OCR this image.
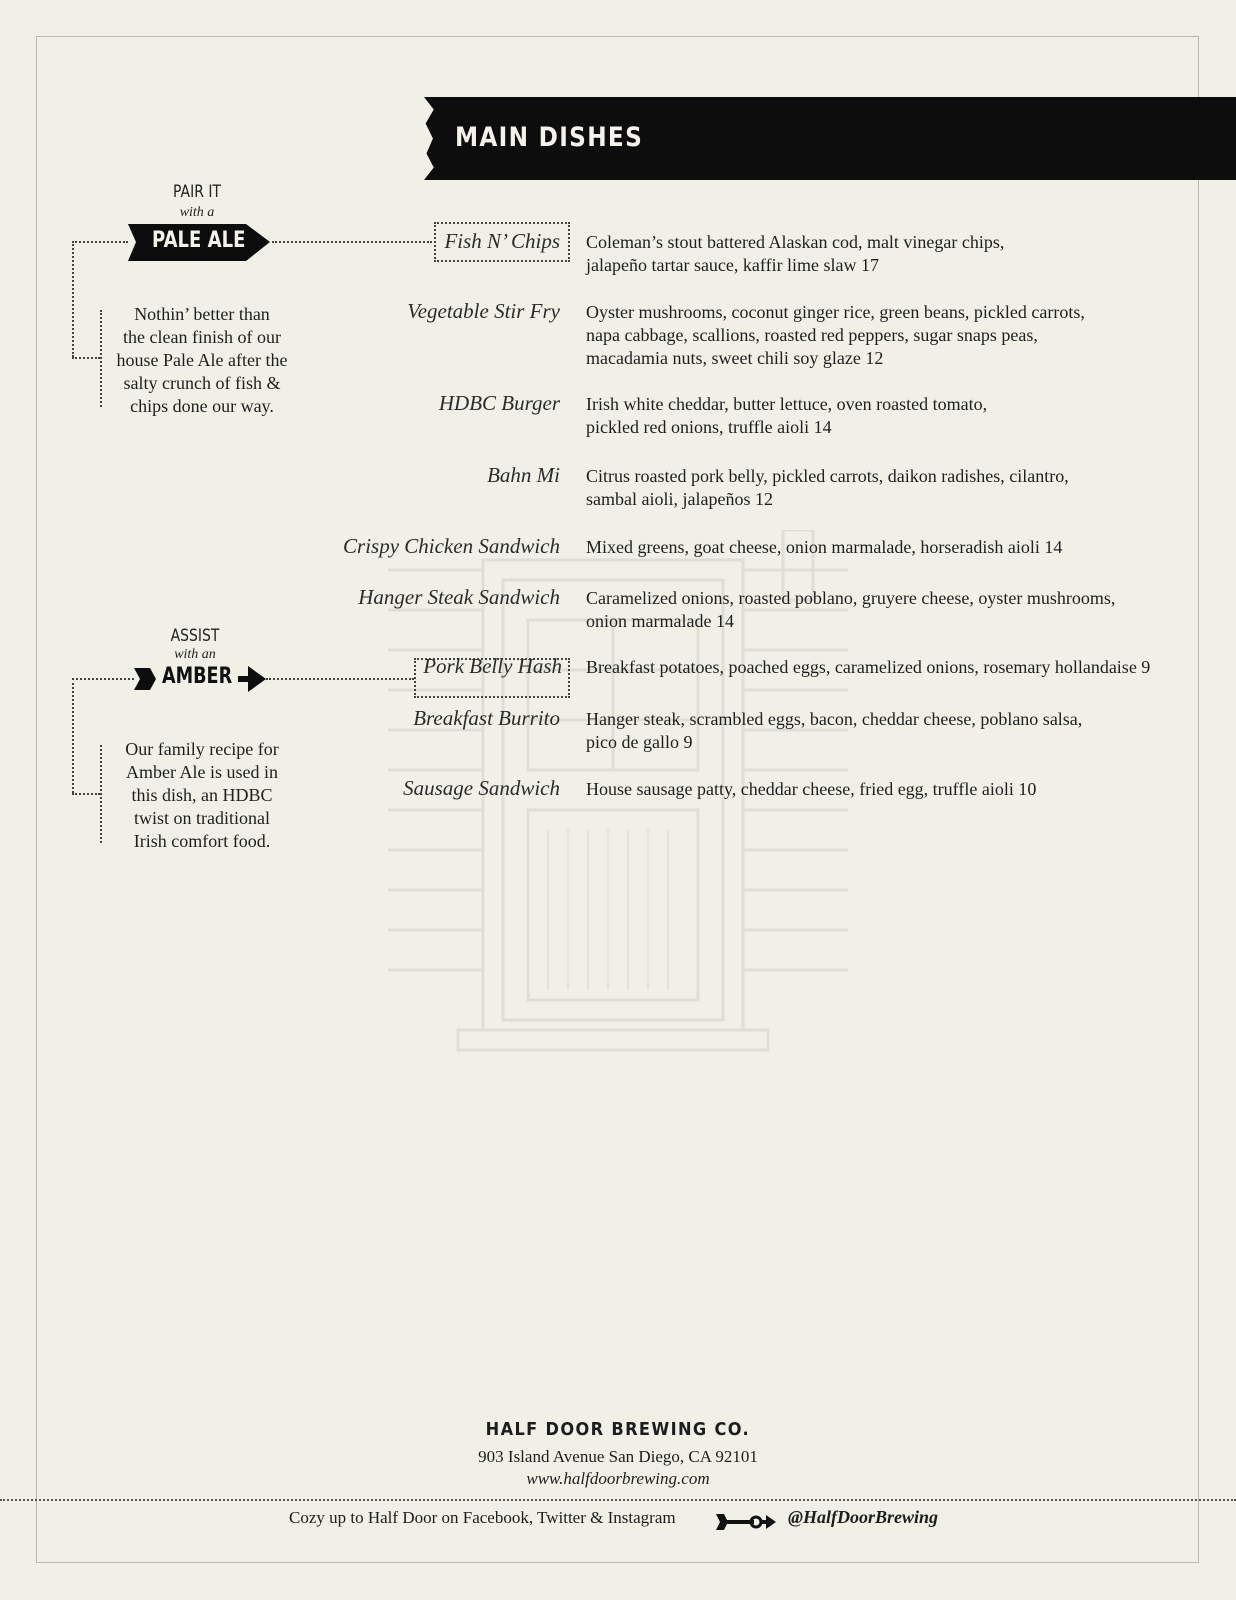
MAIN DISHES
PAIR IT
with a
PALE ALE
Nothin’ better than
the clean finish of our
house Pale Ale after the
salty crunch of fish &
chips done our way.
ASSIST
with an
AMBER
Our family recipe for
Amber Ale is used in
this dish, an HDBC
twist on traditional
Irish comfort food.
Fish N’ Chips Coleman’s stout battered Alaskan cod, malt vinegar chips,
jalapeño tartar sauce, kaffir lime slaw 17
Vegetable Stir Fry Oyster mushrooms, coconut ginger rice, green beans, pickled carrots,
napa cabbage, scallions, roasted red peppers, sugar snaps peas,
macadamia nuts, sweet chili soy glaze 12
HDBC Burger Irish white cheddar, butter lettuce, oven roasted tomato,
pickled red onions, truffle aioli 14
Bahn Mi Citrus roasted pork belly, pickled carrots, daikon radishes, cilantro,
sambal aioli, jalapeños 12
Crispy Chicken Sandwich Mixed greens, goat cheese, onion marmalade, horseradish aioli 14
Hanger Steak Sandwich Caramelized onions, roasted poblano, gruyere cheese, oyster mushrooms,
onion marmalade 14
Pork Belly Hash Breakfast potatoes, poached eggs, caramelized onions, rosemary hollandaise 9
Breakfast Burrito Hanger steak, scrambled eggs, bacon, cheddar cheese, poblano salsa,
pico de gallo 9
Sausage Sandwich House sausage patty, cheddar cheese, fried egg, truffle aioli 10
HALF DOOR BREWING CO.
903 Island Avenue San Diego, CA 92101
www.halfdoorbrewing.com
Cozy up to Half Door on Facebook, Twitter & Instagram	@HalfDoorBrewing
